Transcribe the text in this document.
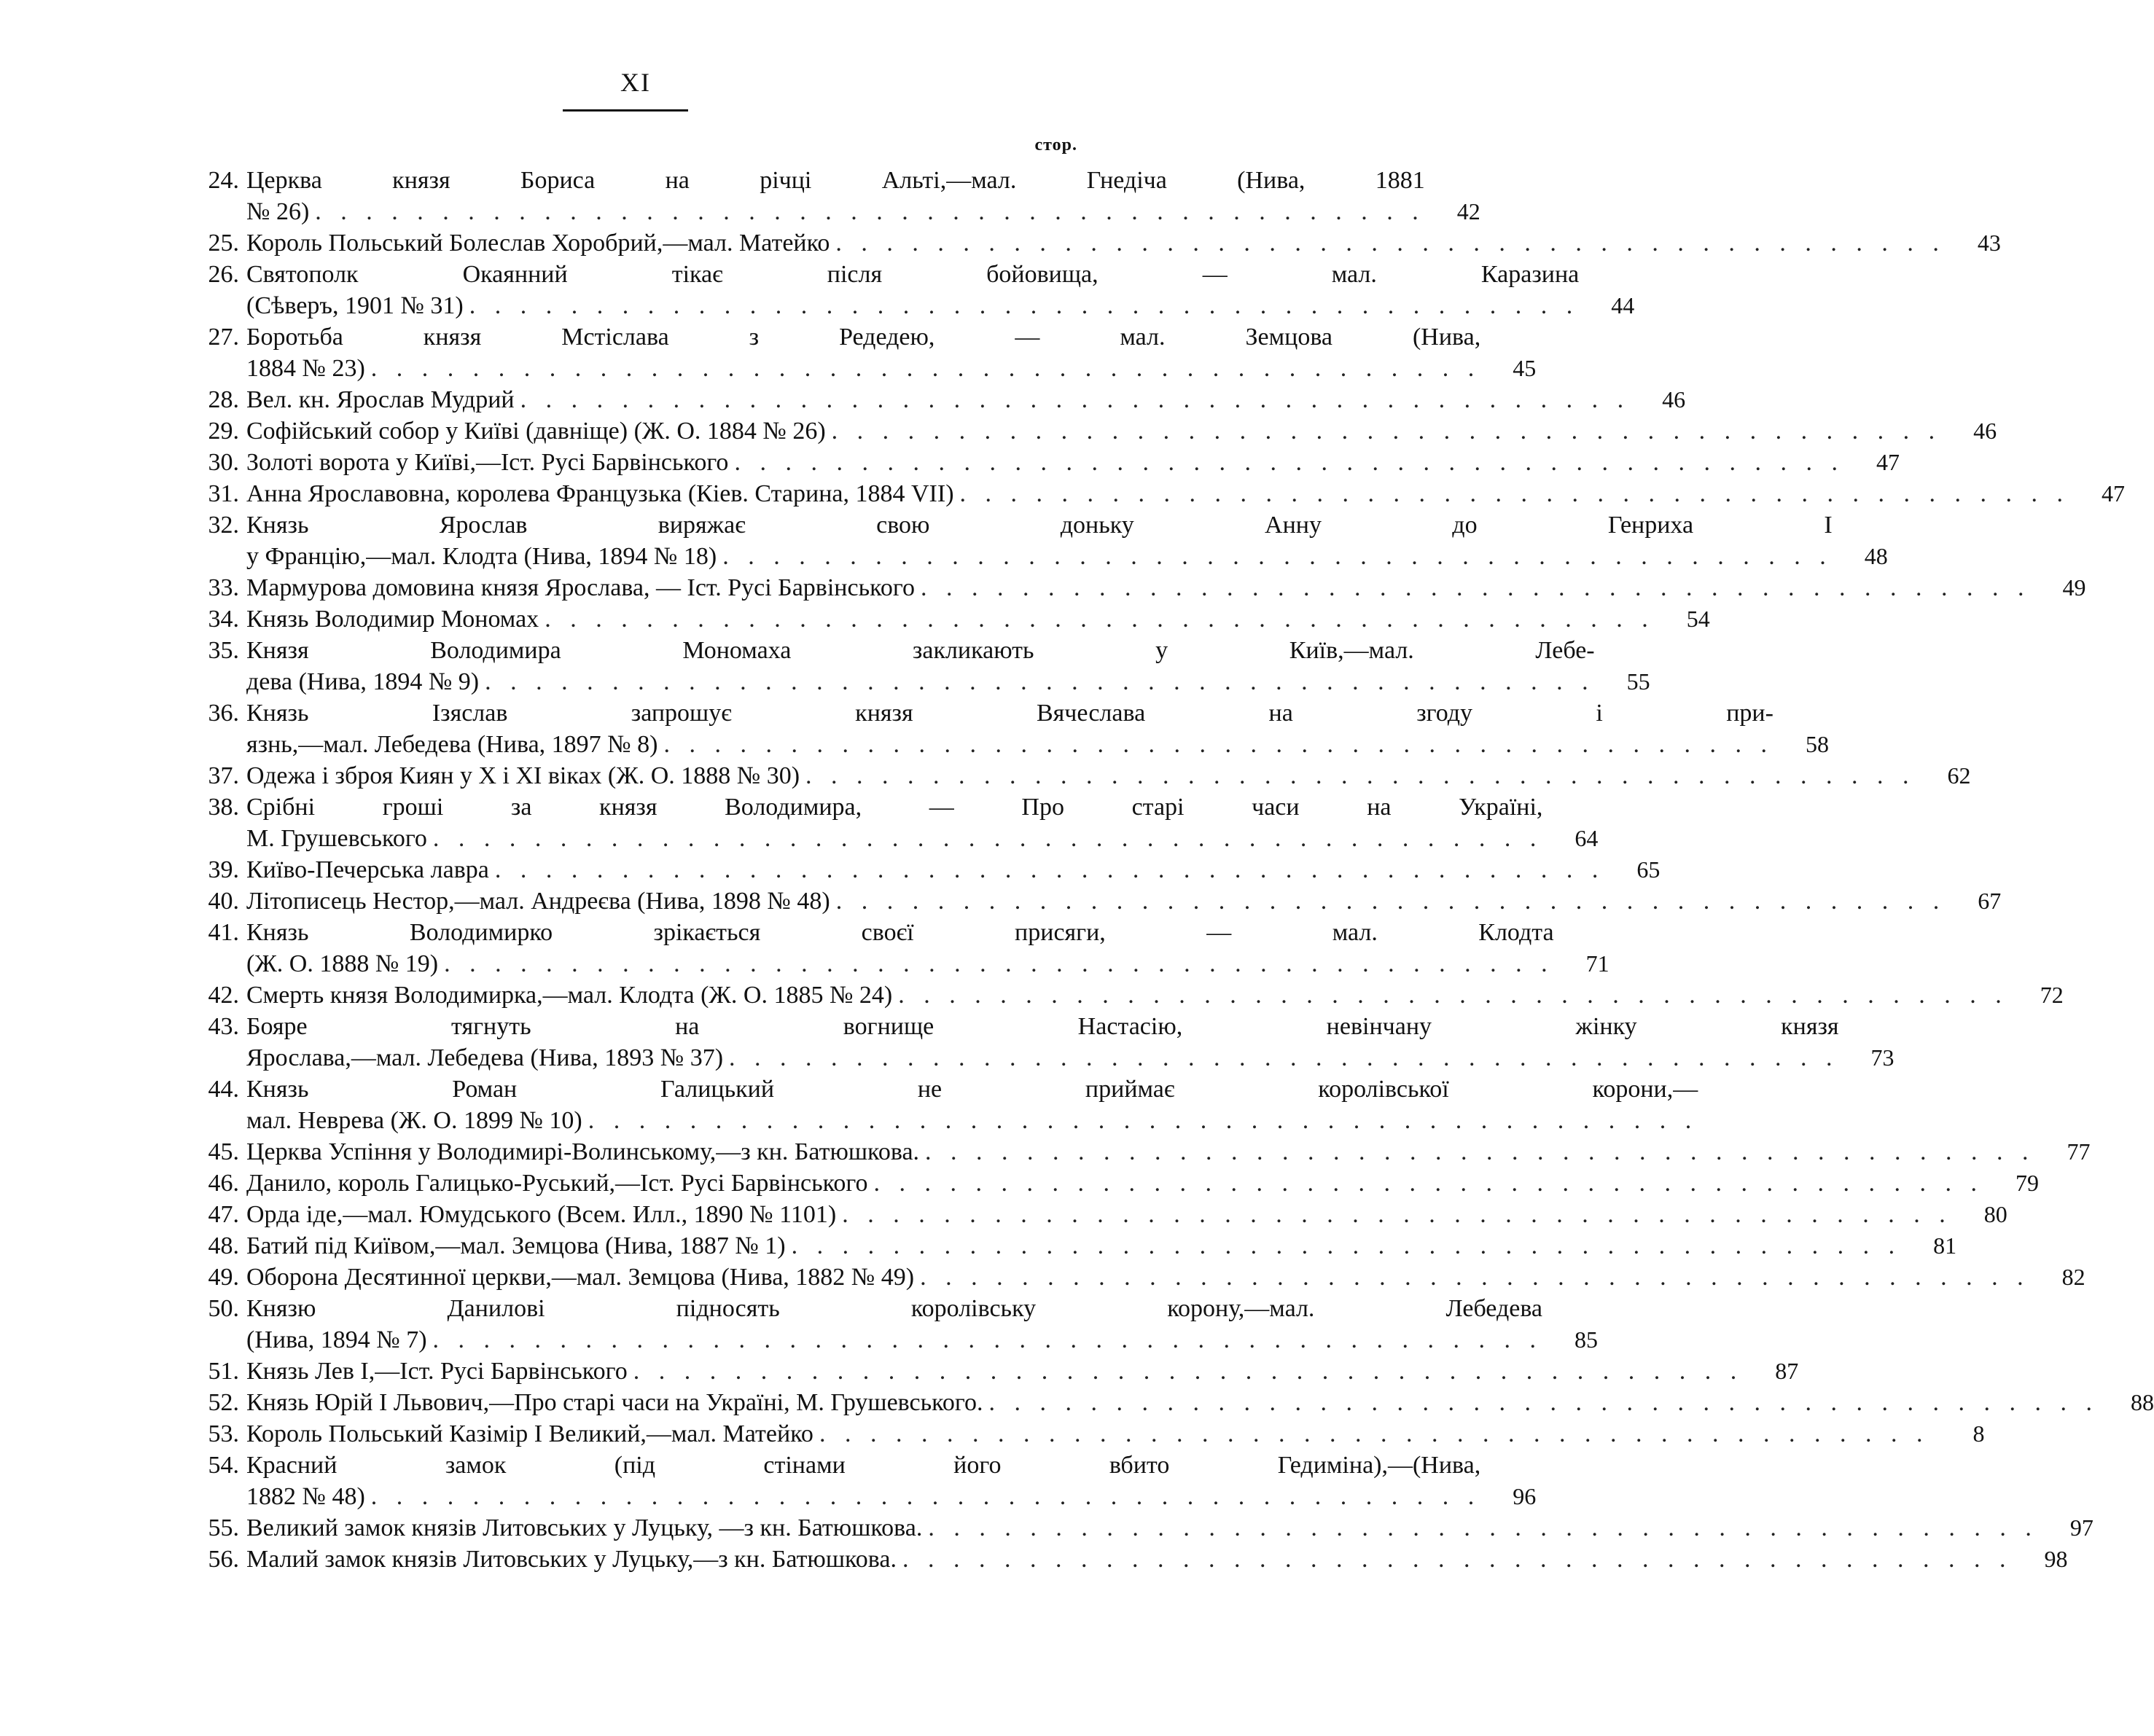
XI
стор.
24. Церква князя Бориса на річці Альті,—мал. Гнедіча (Нива, 1881
№ 26) . . . . . . . . . . . . . . . . . . . . . . . . . . . . . . . . . . . . . . . . . . . .	42
25. Король Польський Болеслав Хоробрий,—мал. Матейко . . . . . . . . . . . . . . . . . . . . . . . . . . . . . . . . . . . . . . . . . . . .	43
26. Святополк Окаянний тікає після бойовища, — мал. Каразина
(Сѣверъ, 1901 № 31) . . . . . . . . . . . . . . . . . . . . . . . . . . . . . . . . . . . . . . . . . . . .	44
27. Боротьба князя Мстіслава з Редедею, — мал. Земцова (Нива,
1884 № 23) . . . . . . . . . . . . . . . . . . . . . . . . . . . . . . . . . . . . . . . . . . . .	45
28. Вел. кн. Ярослав Мудрий . . . . . . . . . . . . . . . . . . . . . . . . . . . . . . . . . . . . . . . . . . . .	46
29. Софійський собор у Київі (давніще) (Ж. О. 1884 № 26) . . . . . . . . . . . . . . . . . . . . . . . . . . . . . . . . . . . . . . . . . . . .	46
30. Золоті ворота у Київі,—Іст. Русі Барвінського . . . . . . . . . . . . . . . . . . . . . . . . . . . . . . . . . . . . . . . . . . . .	47
31. Анна Ярославовна, королева Французька (Кіев. Старина, 1884 VII) . . . . . . . . . . . . . . . . . . . . . . . . . . . . . . . . . . . . . . . . . . . .	47
32. Князь Ярослав виряжає свою доньку Анну до Генриха І
у Францію,—мал. Клодта (Нива, 1894 № 18) . . . . . . . . . . . . . . . . . . . . . . . . . . . . . . . . . . . . . . . . . . . .	48
33. Мармурова домовина князя Ярослава, — Іст. Русі Барвінського . . . . . . . . . . . . . . . . . . . . . . . . . . . . . . . . . . . . . . . . . . . .	49
34. Князь Володимир Мономах . . . . . . . . . . . . . . . . . . . . . . . . . . . . . . . . . . . . . . . . . . . .	54
35. Князя Володимира Мономаха закликають у Київ,—мал. Лебе-
дева (Нива, 1894 № 9) . . . . . . . . . . . . . . . . . . . . . . . . . . . . . . . . . . . . . . . . . . . .	55
36. Князь Ізяслав запрошує князя Вячеслава на згоду і при-
язнь,—мал. Лебедева (Нива, 1897 № 8) . . . . . . . . . . . . . . . . . . . . . . . . . . . . . . . . . . . . . . . . . . . .	58
37. Одежа і зброя Киян у X і XI віках (Ж. О. 1888 № 30) . . . . . . . . . . . . . . . . . . . . . . . . . . . . . . . . . . . . . . . . . . . .	62
38. Срібні гроші за князя Володимира, — Про старі часи на Україні,
М. Грушевського . . . . . . . . . . . . . . . . . . . . . . . . . . . . . . . . . . . . . . . . . . . .	64
39. Київо-Печерська лавра . . . . . . . . . . . . . . . . . . . . . . . . . . . . . . . . . . . . . . . . . . . .	65
40. Літописець Нестор,—мал. Андреєва (Нива, 1898 № 48) . . . . . . . . . . . . . . . . . . . . . . . . . . . . . . . . . . . . . . . . . . . .	67
41. Князь Володимирко зрікається своєї присяги, — мал. Клодта
(Ж. О. 1888 № 19) . . . . . . . . . . . . . . . . . . . . . . . . . . . . . . . . . . . . . . . . . . . .	71
42. Смерть князя Володимирка,—мал. Клодта (Ж. О. 1885 № 24) . . . . . . . . . . . . . . . . . . . . . . . . . . . . . . . . . . . . . . . . . . . .	72
43. Бояре тягнуть на вогнище Настасію, невінчану жінку князя
Ярослава,—мал. Лебедева (Нива, 1893 № 37) . . . . . . . . . . . . . . . . . . . . . . . . . . . . . . . . . . . . . . . . . . . .	73
44. Князь Роман Галицький не приймає королівської корони,—
мал. Неврева (Ж. О. 1899 № 10) . . . . . . . . . . . . . . . . . . . . . . . . . . . . . . . . . . . . . . . . . . . .
45. Церква Успіння у Володимирі-Волинському,—з кн. Батюшкова. . . . . . . . . . . . . . . . . . . . . . . . . . . . . . . . . . . . . . . . . . . . .	77
46. Данило, король Галицько-Руський,—Іст. Русі Барвінського . . . . . . . . . . . . . . . . . . . . . . . . . . . . . . . . . . . . . . . . . . . .	79
47. Орда іде,—мал. Юмудського (Всем. Илл., 1890 № 1101) . . . . . . . . . . . . . . . . . . . . . . . . . . . . . . . . . . . . . . . . . . . .	80
48. Батий під Київом,—мал. Земцова (Нива, 1887 № 1) . . . . . . . . . . . . . . . . . . . . . . . . . . . . . . . . . . . . . . . . . . . .	81
49. Оборона Десятинної церкви,—мал. Земцова (Нива, 1882 № 49) . . . . . . . . . . . . . . . . . . . . . . . . . . . . . . . . . . . . . . . . . . . .	82
50. Князю Данилові підносять королівську корону,—мал. Лебедева
(Нива, 1894 № 7) . . . . . . . . . . . . . . . . . . . . . . . . . . . . . . . . . . . . . . . . . . . .	85
51. Князь Лев І,—Іст. Русі Барвінського . . . . . . . . . . . . . . . . . . . . . . . . . . . . . . . . . . . . . . . . . . . .	87
52. Князь Юрій І Львович,—Про старі часи на Україні, М. Грушевського. . . . . . . . . . . . . . . . . . . . . . . . . . . . . . . . . . . . . . . . . . . . .	88
53. Король Польський Казімір І Великий,—мал. Матейко . . . . . . . . . . . . . . . . . . . . . . . . . . . . . . . . . . . . . . . . . . . .	8
54. Красний замок (під стінами його вбито Гедиміна),—(Нива,
1882 № 48) . . . . . . . . . . . . . . . . . . . . . . . . . . . . . . . . . . . . . . . . . . . .	96
55. Великий замок князів Литовських у Луцьку, —з кн. Батюшкова. . . . . . . . . . . . . . . . . . . . . . . . . . . . . . . . . . . . . . . . . . . . .	97
56. Малий замок князів Литовських у Луцьку,—з кн. Батюшкова. . . . . . . . . . . . . . . . . . . . . . . . . . . . . . . . . . . . . . . . . . . . .	98
